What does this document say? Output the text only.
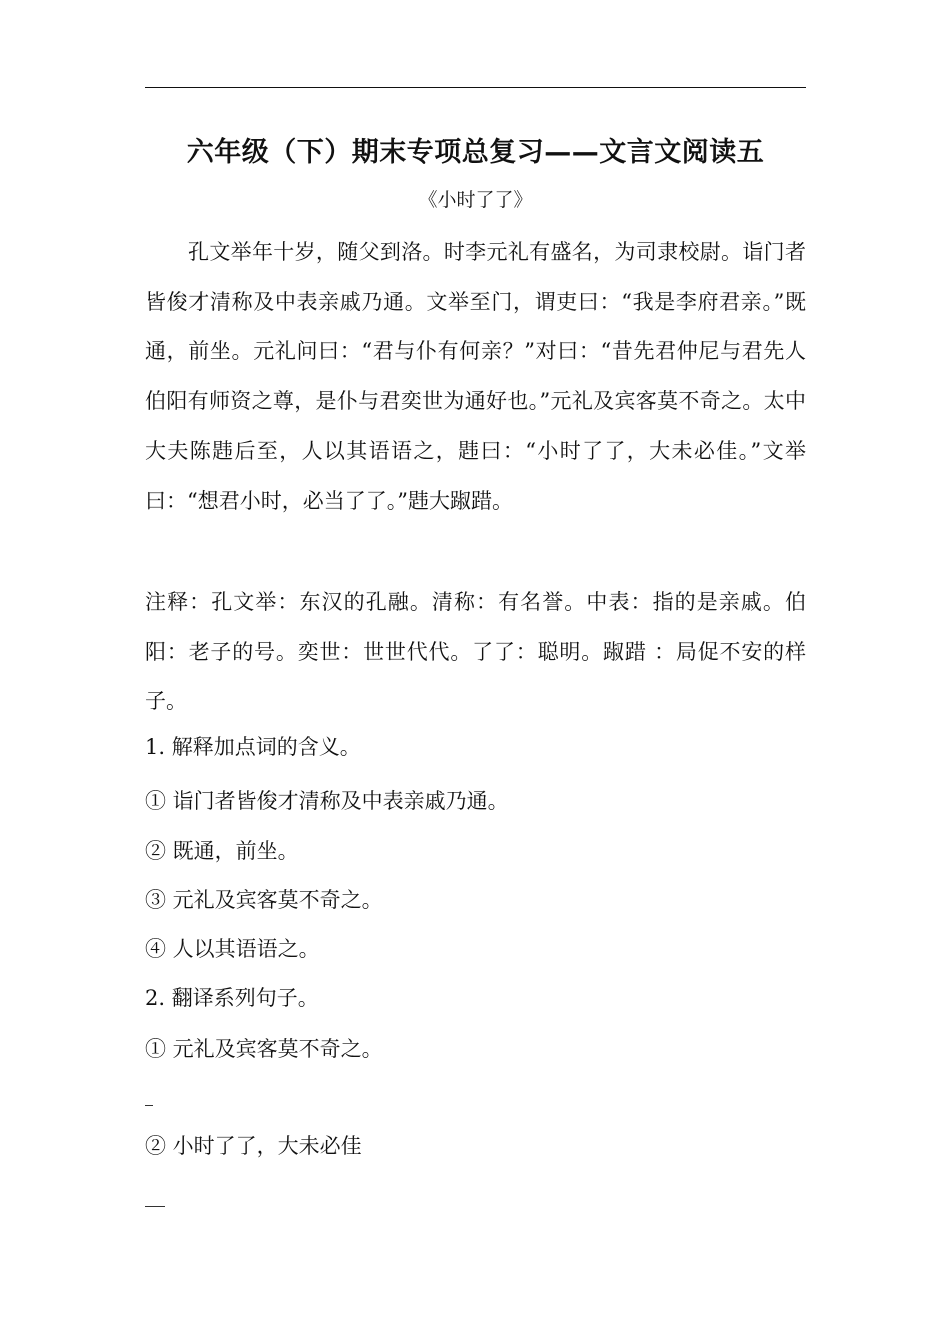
六年级（下）期末专项总复习——文言文阅读五
《小时了了》

孔文举年十岁，随父到洛。时李元礼有盛名，为司隶校尉。诣门者皆俊才清称及中表亲戚乃通。文举至门，谓吏曰：“我是李府君亲。”既通，前坐。元礼问曰：“君与仆有何亲？”对曰：“昔先君仲尼与君先人伯阳有师资之尊，是仆与君奕世为通好也。”元礼及宾客莫不奇之。太中大夫陈韪后至，人以其语语之，韪曰：“小时了了，大未必佳。”文举曰：“想君小时，必当了了。”韪大踧踖。

注释：孔文举：东汉的孔融。清称：有名誉。中表：指的是亲戚。伯阳：老子的号。奕世：世世代代。了了：聪明。踧踖 ：局促不安的样子。

1. 解释加点词的含义。
① 诣门者皆俊才清称及中表亲戚乃通。
② 既通，前坐。
③ 元礼及宾客莫不奇之。
④ 人以其语语之。
2. 翻译系列句子。
① 元礼及宾客莫不奇之。
② 小时了了，大未必佳
